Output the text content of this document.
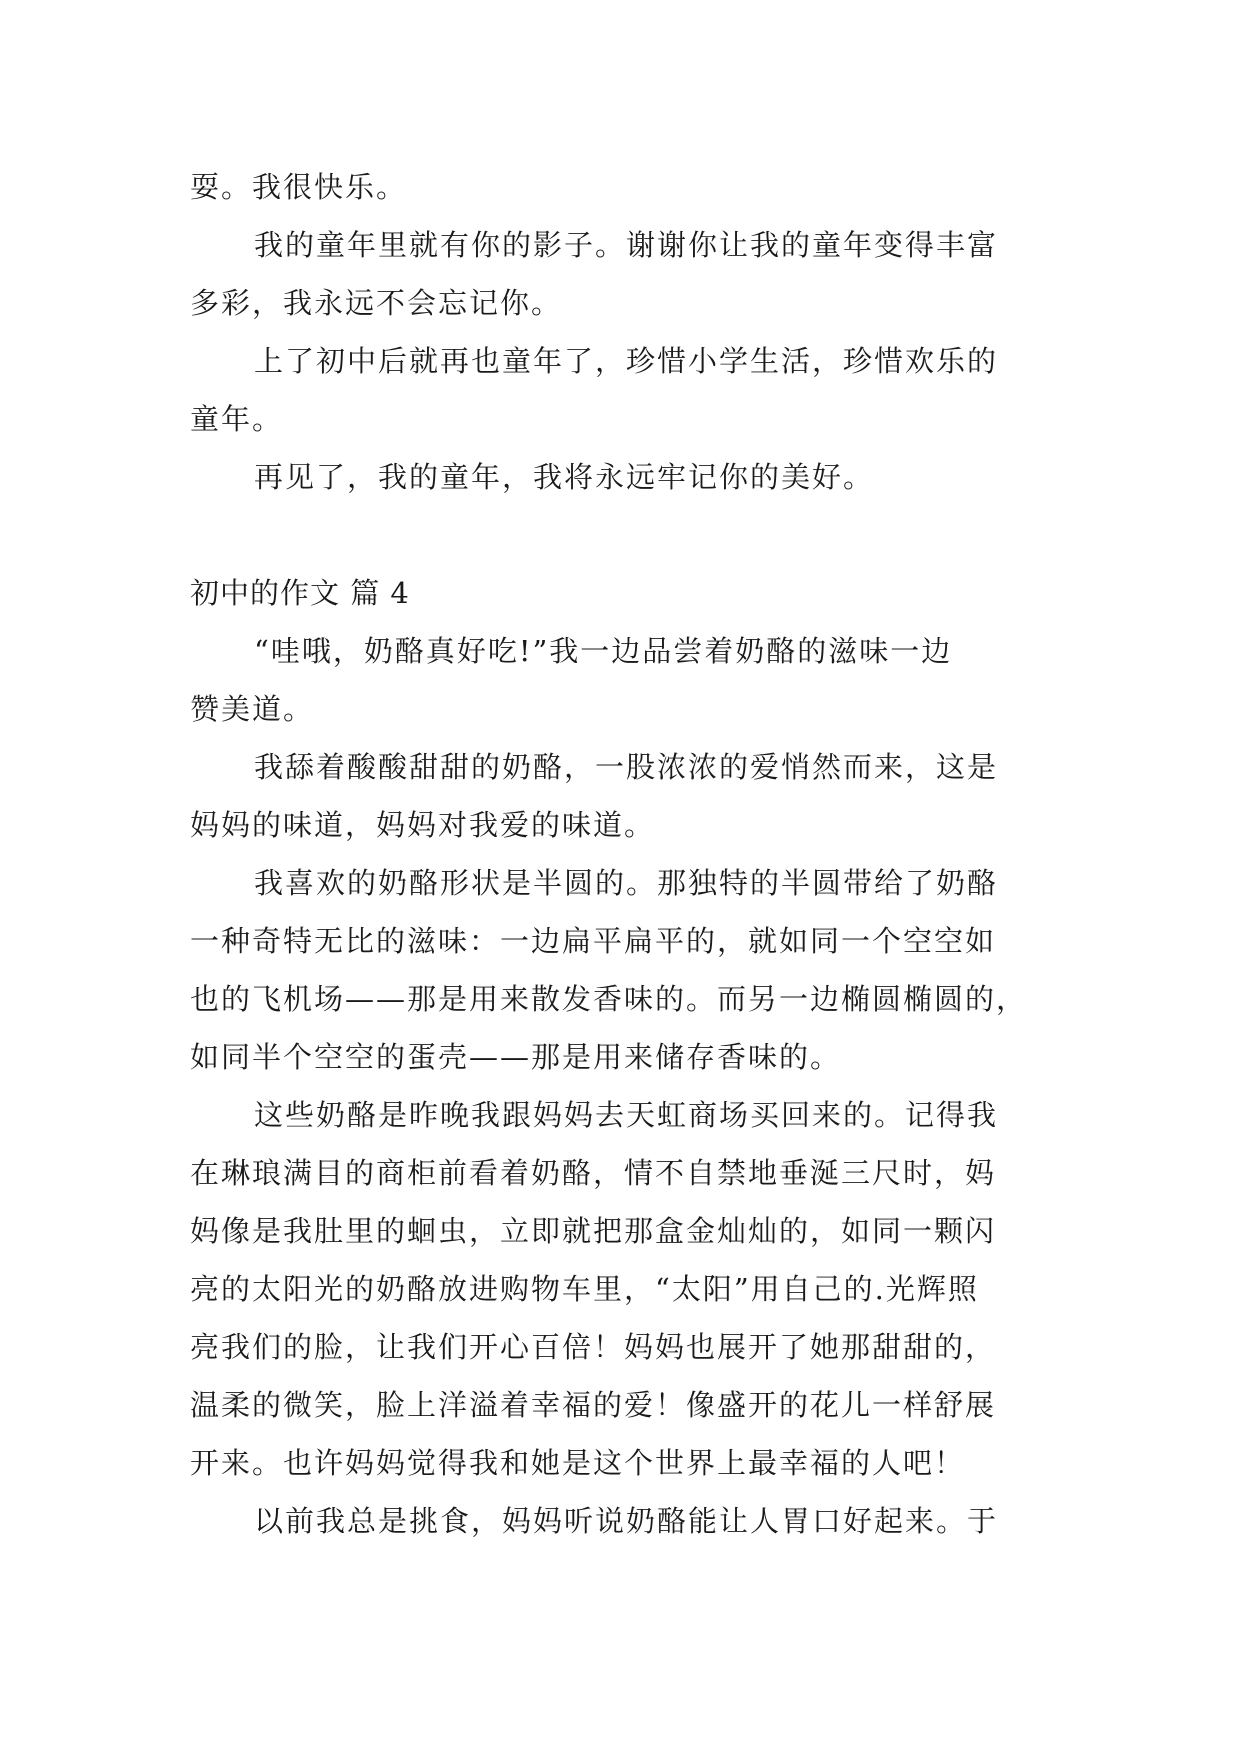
耍。我很快乐。
我的童年里就有你的影子。谢谢你让我的童年变得丰富
多彩，我永远不会忘记你。
上了初中后就再也童年了，珍惜小学生活，珍惜欢乐的
童年。
再见了，我的童年，我将永远牢记你的美好。
初中的作文 篇 4
“哇哦，奶酪真好吃!”我一边品尝着奶酪的滋味一边
赞美道。
我舔着酸酸甜甜的奶酪，一股浓浓的爱悄然而来，这是
妈妈的味道，妈妈对我爱的味道。
我喜欢的奶酪形状是半圆的。那独特的半圆带给了奶酪
一种奇特无比的滋味：一边扁平扁平的，就如同一个空空如
也的飞机场——那是用来散发香味的。而另一边椭圆椭圆的，
如同半个空空的蛋壳——那是用来储存香味的。
这些奶酪是昨晚我跟妈妈去天虹商场买回来的。记得我
在琳琅满目的商柜前看着奶酪，情不自禁地垂涎三尺时，妈
妈像是我肚里的蛔虫，立即就把那盒金灿灿的，如同一颗闪
亮的太阳光的奶酪放进购物车里，“太阳”用自己的.光辉照
亮我们的脸，让我们开心百倍！妈妈也展开了她那甜甜的，
温柔的微笑，脸上洋溢着幸福的爱！像盛开的花儿一样舒展
开来。也许妈妈觉得我和她是这个世界上最幸福的人吧！
以前我总是挑食，妈妈听说奶酪能让人胃口好起来。于
